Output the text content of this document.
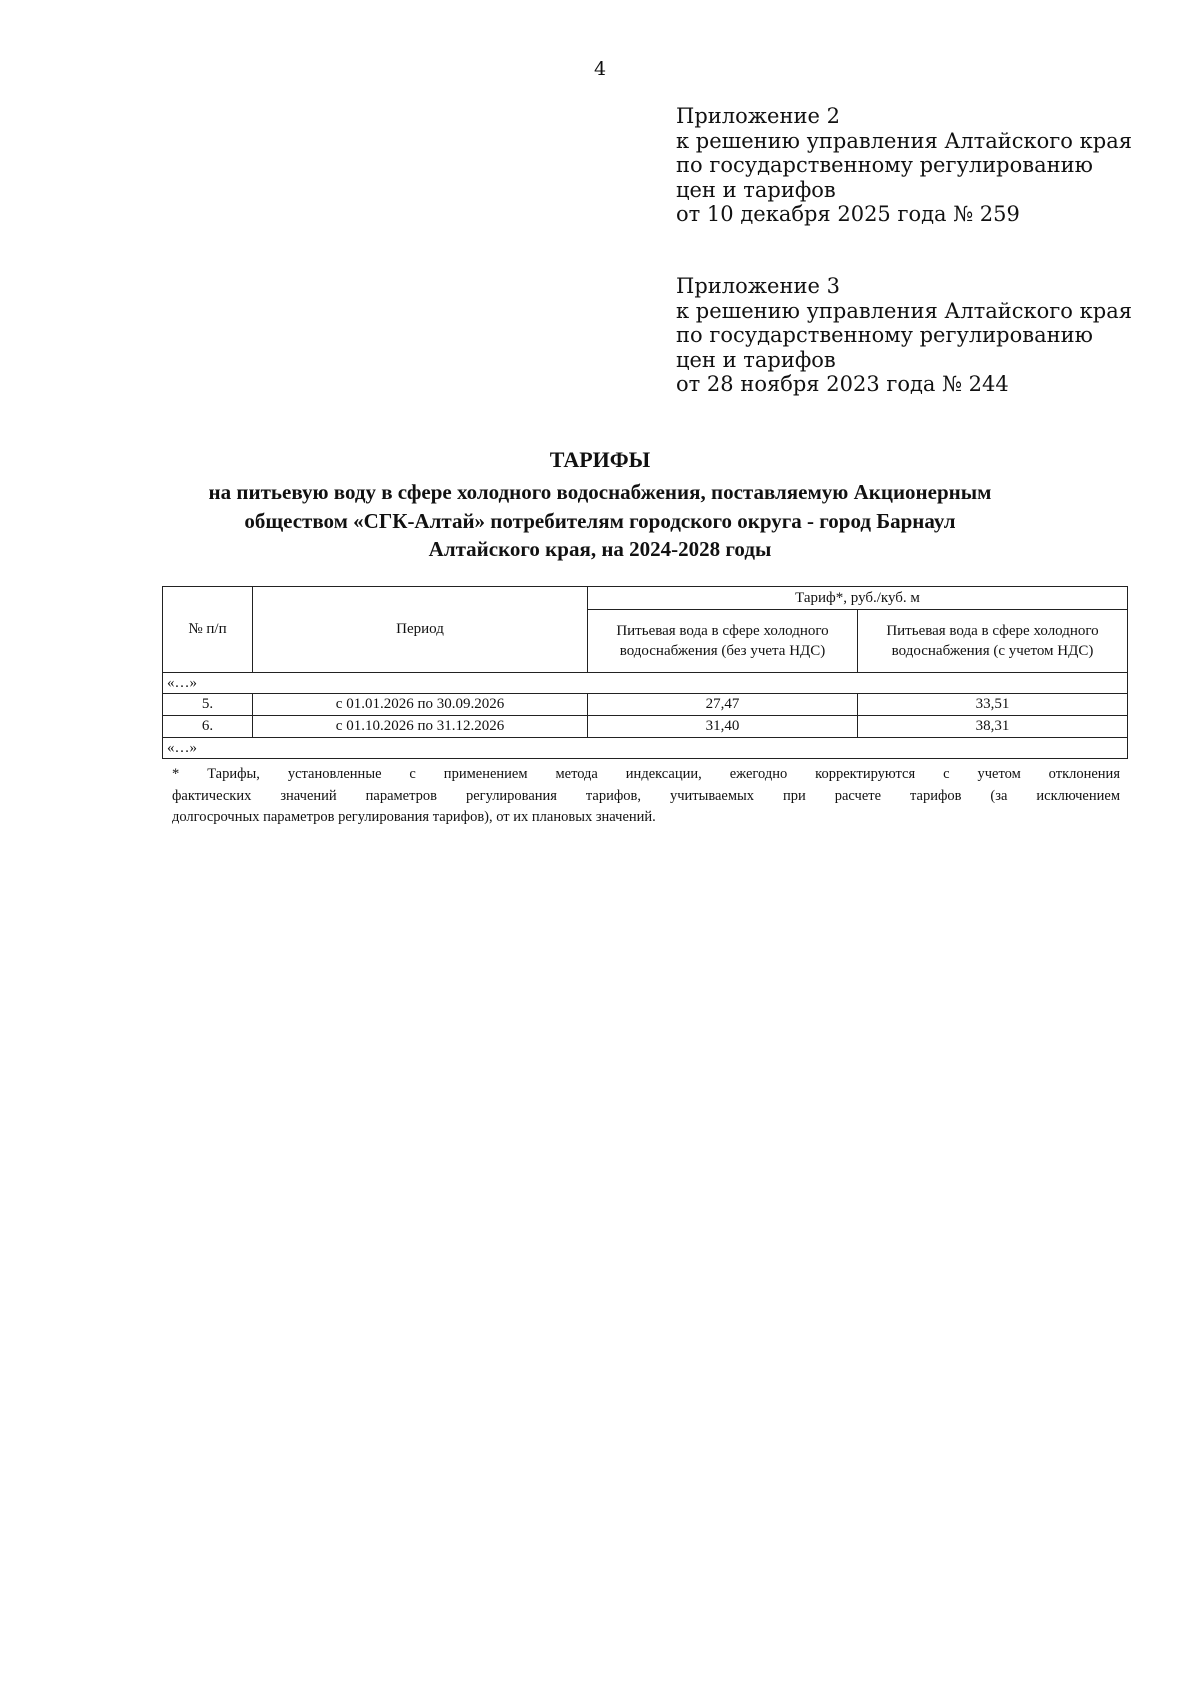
4
Приложение 2
к решению управления Алтайского края
по государственному регулированию
цен и тарифов
от 10 декабря 2025 года № 259
Приложение 3
к решению управления Алтайского края
по государственному регулированию
цен и тарифов
от 28 ноября 2023 года № 244
ТАРИФЫ
на питьевую воду в сфере холодного водоснабжения, поставляемую Акционерным
обществом «СГК-Алтай» потребителям городского округа - город Барнаул
Алтайского края, на 2024-2028 годы
№ п/п	Период	Тариф*, руб./куб. м	
		Питьевая вода в сфере холодного водоснабжения (без учета НДС)	Питьевая вода в сфере холодного водоснабжения (с учетом НДС)
«…»			
5.	с 01.01.2026 по 30.09.2026	27,47	33,51
6.	с 01.10.2026 по 31.12.2026	31,40	38,31
«…»			
* Тарифы, установленные с применением метода индексации, ежегодно корректируются с учетом отклонения
фактических значений параметров регулирования тарифов, учитываемых при расчете тарифов (за исключением
долгосрочных параметров регулирования тарифов), от их плановых значений.
